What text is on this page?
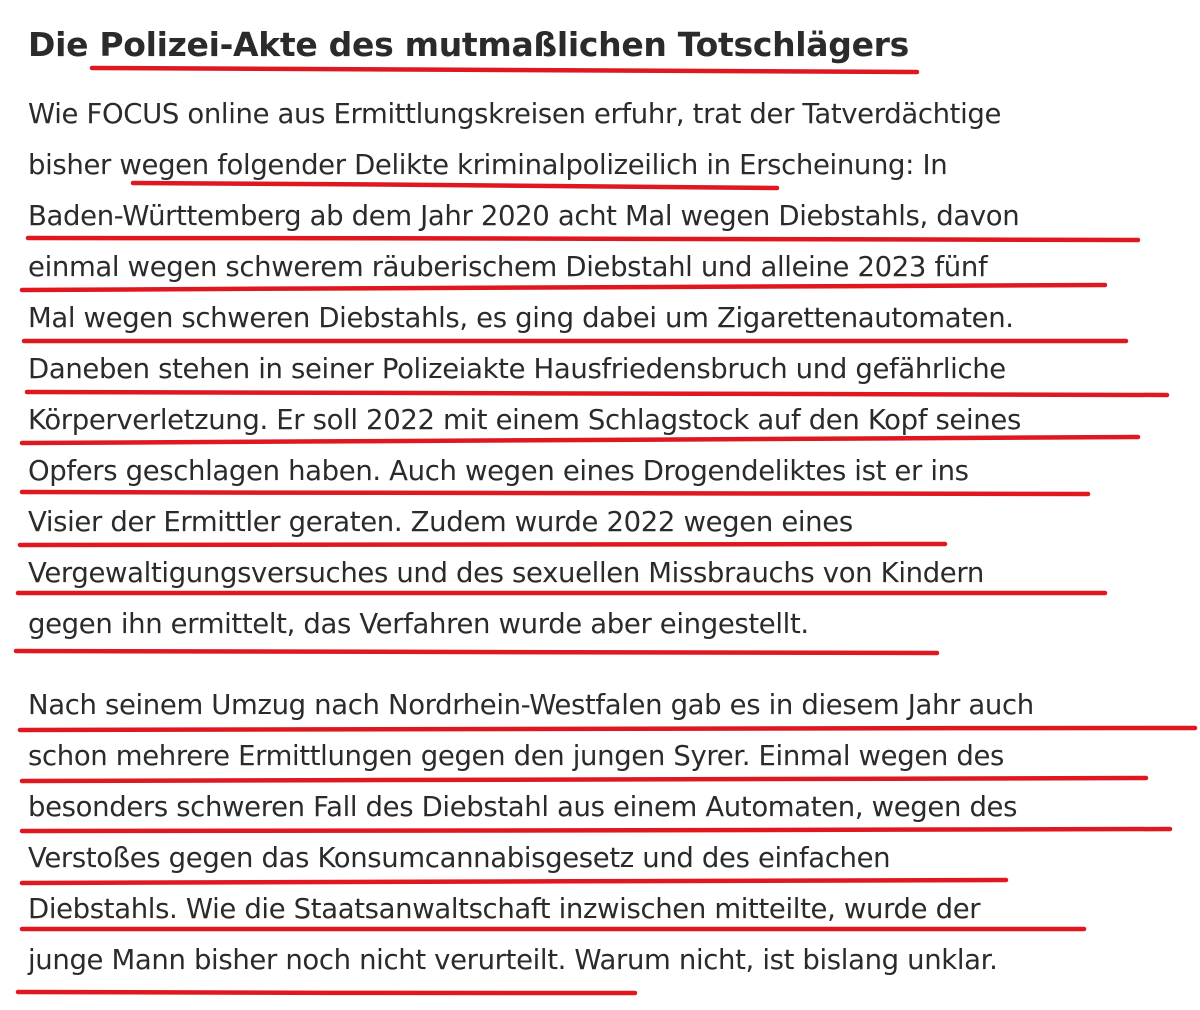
Die Polizei-Akte des mutmaßlichen Totschlägers
Wie FOCUS online aus Ermittlungskreisen erfuhr, trat der Tatverdächtige
bisher wegen folgender Delikte kriminalpolizeilich in Erscheinung: In
Baden-Württemberg ab dem Jahr 2020 acht Mal wegen Diebstahls, davon
einmal wegen schwerem räuberischem Diebstahl und alleine 2023 fünf
Mal wegen schweren Diebstahls, es ging dabei um Zigarettenautomaten.
Daneben stehen in seiner Polizeiakte Hausfriedensbruch und gefährliche
Körperverletzung. Er soll 2022 mit einem Schlagstock auf den Kopf seines
Opfers geschlagen haben. Auch wegen eines Drogendeliktes ist er ins
Visier der Ermittler geraten. Zudem wurde 2022 wegen eines
Vergewaltigungsversuches und des sexuellen Missbrauchs von Kindern
gegen ihn ermittelt, das Verfahren wurde aber eingestellt.
Nach seinem Umzug nach Nordrhein-Westfalen gab es in diesem Jahr auch
schon mehrere Ermittlungen gegen den jungen Syrer. Einmal wegen des
besonders schweren Fall des Diebstahl aus einem Automaten, wegen des
Verstoßes gegen das Konsumcannabisgesetz und des einfachen
Diebstahls. Wie die Staatsanwaltschaft inzwischen mitteilte, wurde der
junge Mann bisher noch nicht verurteilt. Warum nicht, ist bislang unklar.
